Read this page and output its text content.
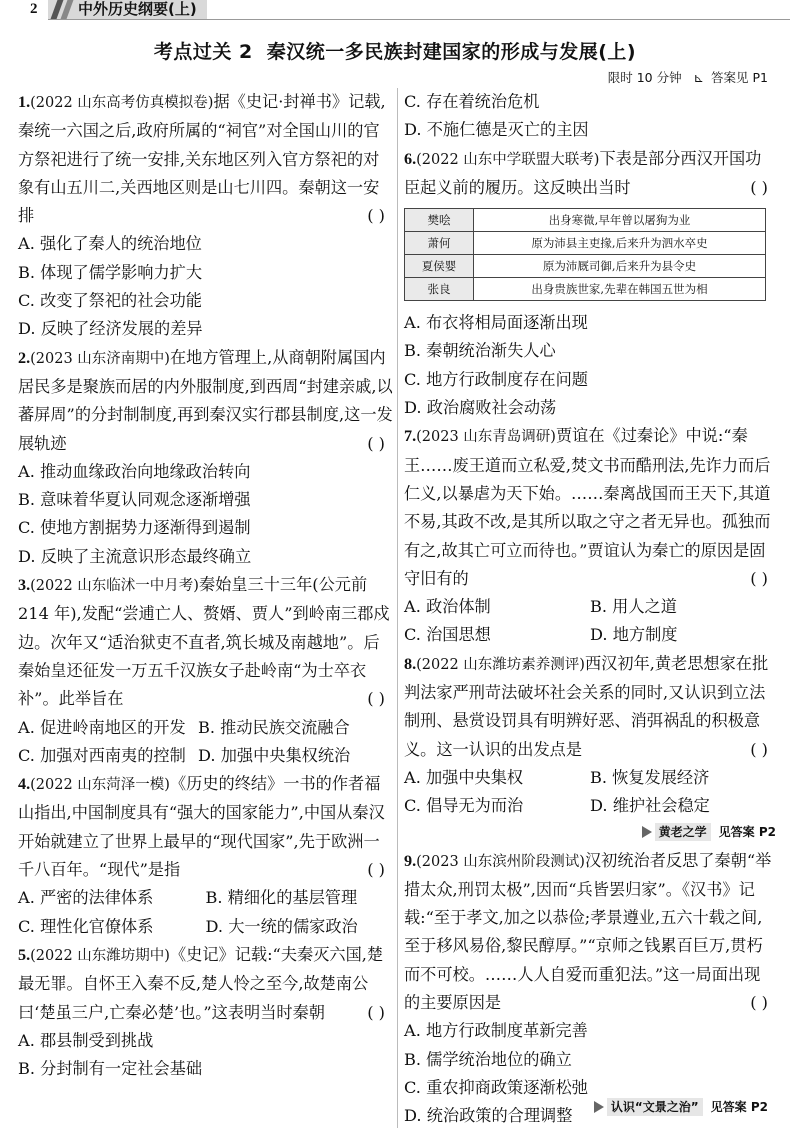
2	中外历史纲要(上)
考点过关 2 秦汉统一多民族封建国家的形成与发展(上)
限时 10 分钟 ⊾ 答案见 P1
1.(2022 山东高考仿真模拟卷)据《史记·封禅书》记载,秦统一六国之后,政府所属的“祠官”对全国山川的官方祭祀进行了统一安排,关东地区列入官方祭祀的对象有山五川二,关西地区则是山七川四。秦朝这一安排	( )
A. 强化了秦人的统治地位
B. 体现了儒学影响力扩大
C. 改变了祭祀的社会功能
D. 反映了经济发展的差异
2.(2023 山东济南期中)在地方管理上,从商朝附属国内居民多是聚族而居的内外服制度,到西周“封建亲戚,以蕃屏周”的分封制制度,再到秦汉实行郡县制度,这一发展轨迹	( )
A. 推动血缘政治向地缘政治转向
B. 意味着华夏认同观念逐渐增强
C. 使地方割据势力逐渐得到遏制
D. 反映了主流意识形态最终确立
3.(2022 山东临沭一中月考)秦始皇三十三年(公元前 214 年),发配“尝逋亡人、赘婿、贾人”到岭南三郡戍边。次年又“适治狱吏不直者,筑长城及南越地”。后秦始皇还征发一万五千汉族女子赴岭南“为士卒衣补”。此举旨在	( )
A. 促进岭南地区的开发 B. 推动民族交流融合
C. 加强对西南夷的控制 D. 加强中央集权统治
4.(2022 山东菏泽一模)《历史的终结》一书的作者福山指出,中国制度具有“强大的国家能力”,中国从秦汉开始就建立了世界上最早的“现代国家”,先于欧洲一千八百年。“现代”是指	( )
A. 严密的法律体系	B. 精细化的基层管理
C. 理性化官僚体系	D. 大一统的儒家政治
5.(2022 山东潍坊期中)《史记》记载:“夫秦灭六国,楚最无罪。自怀王入秦不反,楚人怜之至今,故楚南公曰‘楚虽三户,亡秦必楚’也。”这表明当时秦朝	( )
A. 郡县制受到挑战
B. 分封制有一定社会基础
C. 存在着统治危机
D. 不施仁德是灭亡的主因
6.(2022 山东中学联盟大联考)下表是部分西汉开国功臣起义前的履历。这反映出当时	( )
樊哙	出身寒微,早年曾以屠狗为业
萧何	原为沛县主吏掾,后来升为泗水卒史
夏侯婴	原为沛厩司御,后来升为县令史
张良	出身贵族世家,先辈在韩国五世为相
A. 布衣将相局面逐渐出现
B. 秦朝统治渐失人心
C. 地方行政制度存在问题
D. 政治腐败社会动荡
7.(2023 山东青岛调研)贾谊在《过秦论》中说:“秦王……废王道而立私爱,焚文书而酷刑法,先诈力而后仁义,以暴虐为天下始。……秦离战国而王天下,其道不易,其政不改,是其所以取之守之者无异也。孤独而有之,故其亡可立而待也。”贾谊认为秦亡的原因是固守旧有的	( )
A. 政治体制	B. 用人之道
C. 治国思想	D. 地方制度
8.(2022 山东潍坊素养测评)西汉初年,黄老思想家在批判法家严刑苛法破坏社会关系的同时,又认识到立法制刑、悬赏设罚具有明辨好恶、消弭祸乱的积极意义。这一认识的出发点是	( )
A. 加强中央集权	B. 恢复发展经济
C. 倡导无为而治	D. 维护社会稳定
黄老之学	见答案 P2
9.(2023 山东滨州阶段测试)汉初统治者反思了秦朝“举措太众,刑罚太极”,因而“兵皆罢归家”。《汉书》记载:“至于孝文,加之以恭俭;孝景遵业,五六十载之间,至于移风易俗,黎民醇厚。”“京师之钱累百巨万,贯朽而不可校。……人人自爱而重犯法。”这一局面出现的主要原因是	( )
A. 地方行政制度革新完善
B. 儒学统治地位的确立
C. 重农抑商政策逐渐松弛
D. 统治政策的合理调整	认识“文景之治”	见答案 P2
